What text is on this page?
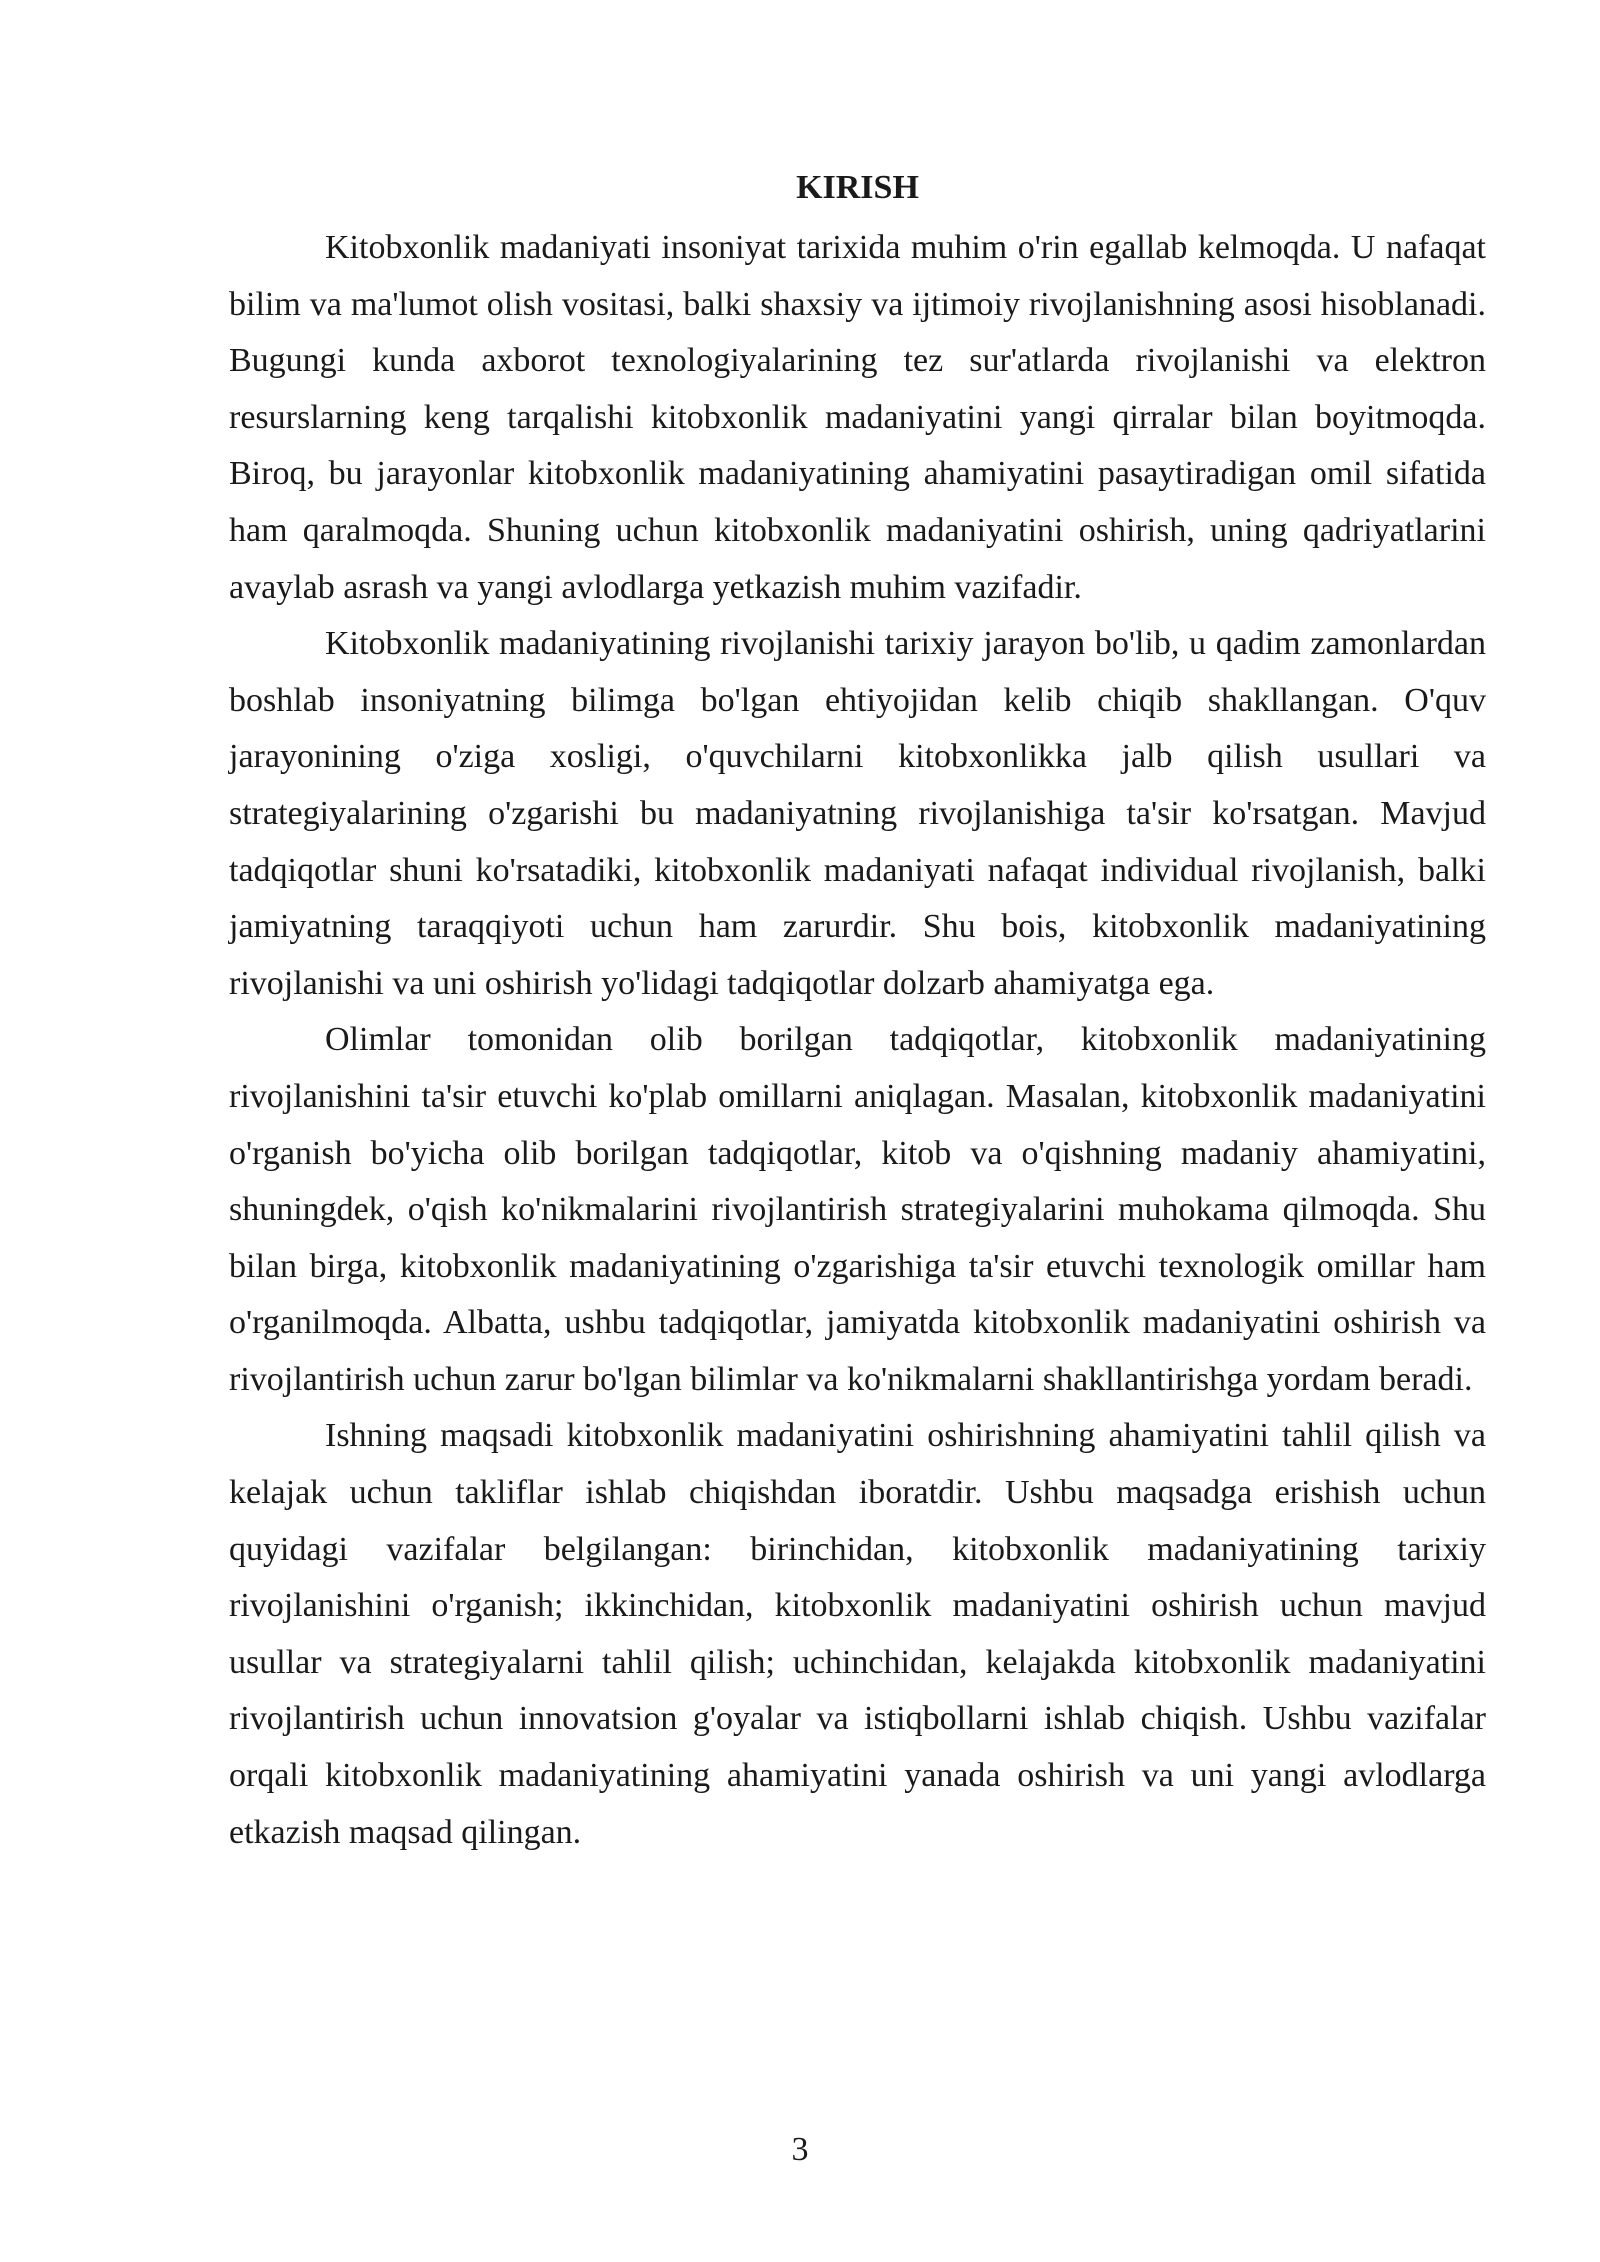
KIRISH

Kitobxonlik madaniyati insoniyat tarixida muhim o'rin egallab kelmoqda. U nafaqat bilim va ma'lumot olish vositasi, balki shaxsiy va ijtimoiy rivojlanishning asosi hisoblanadi. Bugungi kunda axborot texnologiyalarining tez sur'atlarda rivojlanishi va elektron resurslarning keng tarqalishi kitobxonlik madaniyatini yangi qirralar bilan boyitmoqda. Biroq, bu jarayonlar kitobxonlik madaniyatining ahamiyatini pasaytiradigan omil sifatida ham qaralmoqda. Shuning uchun kitobxonlik madaniyatini oshirish, uning qadriyatlarini avaylab asrash va yangi avlodlarga yetkazish muhim vazifadir.

Kitobxonlik madaniyatining rivojlanishi tarixiy jarayon bo'lib, u qadim zamonlardan boshlab insoniyatning bilimga bo'lgan ehtiyojidan kelib chiqib shakllangan. O'quv jarayonining o'ziga xosligi, o'quvchilarni kitobxonlikka jalb qilish usullari va strategiyalarining o'zgarishi bu madaniyatning rivojlanishiga ta'sir ko'rsatgan. Mavjud tadqiqotlar shuni ko'rsatadiki, kitobxonlik madaniyati nafaqat individual rivojlanish, balki jamiyatning taraqqiyoti uchun ham zarurdir. Shu bois, kitobxonlik madaniyatining rivojlanishi va uni oshirish yo'lidagi tadqiqotlar dolzarb ahamiyatga ega.

Olimlar tomonidan olib borilgan tadqiqotlar, kitobxonlik madaniyatining rivojlanishini ta'sir etuvchi ko'plab omillarni aniqlagan. Masalan, kitobxonlik madaniyatini o'rganish bo'yicha olib borilgan tadqiqotlar, kitob va o'qishning madaniy ahamiyatini, shuningdek, o'qish ko'nikmalarini rivojlantirish strategiyalarini muhokama qilmoqda. Shu bilan birga, kitobxonlik madaniyatining o'zgarishiga ta'sir etuvchi texnologik omillar ham o'rganilmoqda. Albatta, ushbu tadqiqotlar, jamiyatda kitobxonlik madaniyatini oshirish va rivojlantirish uchun zarur bo'lgan bilimlar va ko'nikmalarni shakllantirishga yordam beradi.

Ishning maqsadi kitobxonlik madaniyatini oshirishning ahamiyatini tahlil qilish va kelajak uchun takliflar ishlab chiqishdan iboratdir. Ushbu maqsadga erishish uchun quyidagi vazifalar belgilangan: birinchidan, kitobxonlik madaniyatining tarixiy rivojlanishini o'rganish; ikkinchidan, kitobxonlik madaniyatini oshirish uchun mavjud usullar va strategiyalarni tahlil qilish; uchinchidan, kelajakda kitobxonlik madaniyatini rivojlantirish uchun innovatsion g'oyalar va istiqbollarni ishlab chiqish. Ushbu vazifalar orqali kitobxonlik madaniyatining ahamiyatini yanada oshirish va uni yangi avlodlarga etkazish maqsad qilingan.

3
